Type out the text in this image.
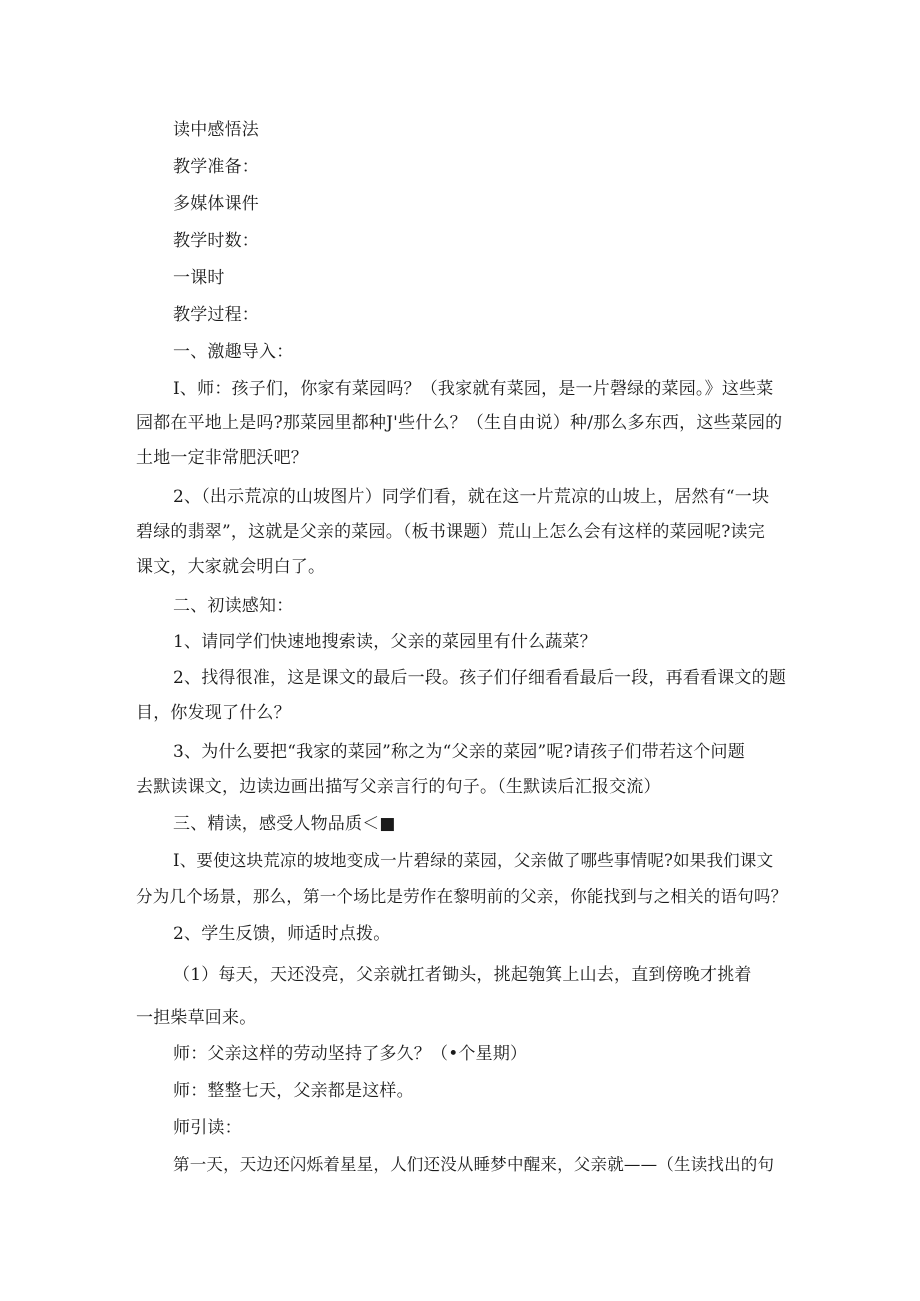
读中感悟法
教学准备：
多媒体课件
教学时数：
一课时
教学过程：
一、激趣导入：
I、师：孩子们，你家有菜园吗？（我家就有菜园，是一片磬绿的菜园。》这些菜
园都在平地上是吗?那菜园里都种J'些什么？（生自由说）种/那么多东西，这些菜园的
土地一定非常肥沃吧？
2、（出示荒凉的山坡图片）同学们看，就在这一片荒凉的山坡上，居然有“一块
碧绿的翡翠”，这就是父亲的菜园。（板书课题）荒山上怎么会有这样的菜园呢?读完
课文，大家就会明白了。
二、初读感知：
1、请同学们快速地搜索读，父亲的菜园里有什么蔬菜？
2、找得很准，这是课文的最后一段。孩子们仔细看看最后一段，再看看课文的题
目，你发现了什么？
3、为什么要把“我家的菜园”称之为“父亲的菜园”呢?请孩子们带若这个问题
去默读课文，边读边画出描写父亲言行的句子。（生默读后汇报交流）
三、精读，感受人物品质＜■
I、要使这块荒凉的坡地变成一片碧绿的菜园，父亲做了哪些事情呢?如果我们课文
分为几个场景，那么，第一个场比是劳作在黎明前的父亲，你能找到与之相关的语句吗？
2、学生反馈，师适时点拨。
（1）每天，天还没亮，父亲就扛者锄头，挑起匏箕上山去，直到傍晚才挑着
一担柴草回来。
师：父亲这样的劳动坚持了多久？（•个星期）
师：整整七天，父亲都是这样。
师引读：
第一天，天边还闪烁着星星，人们还没从睡梦中醒来，父亲就——（生读找出的句
